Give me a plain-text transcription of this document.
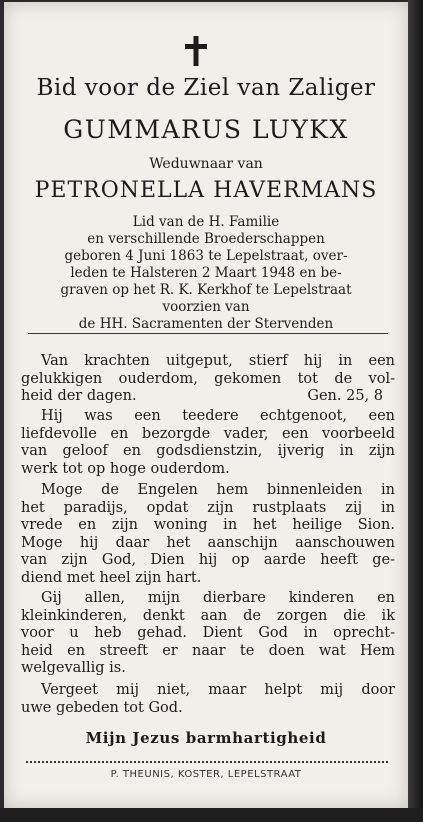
Bid voor de Ziel van Zaliger
GUMMARUS LUYKX
Weduwnaar van
PETRONELLA HAVERMANS
Lid van de H. Familie
en verschillende Broederschappen
geboren 4 Juni 1863 te Lepelstraat, over-
leden te Halsteren 2 Maart 1948 en be-
graven op het R. K. Kerkhof te Lepelstraat
voorzien van
de HH. Sacramenten der Stervenden
Van krachten uitgeput, stierf hij in een
gelukkigen ouderdom, gekomen tot de vol-
heid der dagen.	Gen. 25, 8
Hij was een teedere echtgenoot, een
liefdevolle en bezorgde vader, een voorbeeld
van geloof en godsdienstzin, ijverig in zijn
werk tot op hoge ouderdom.
Moge de Engelen hem binnenleiden in
het paradijs, opdat zijn rustplaats zij in
vrede en zijn woning in het heilige Sion.
Moge hij daar het aanschijn aanschouwen
van zijn God, Dien hij op aarde heeft ge-
diend met heel zijn hart.
Gij allen, mijn dierbare kinderen en
kleinkinderen, denkt aan de zorgen die ik
voor u heb gehad. Dient God in oprecht-
heid en streeft er naar te doen wat Hem
welgevallig is.
Vergeet mij niet, maar helpt mij door
uwe gebeden tot God.
Mijn Jezus barmhartigheid
P. THEUNIS, KOSTER, LEPELSTRAAT
